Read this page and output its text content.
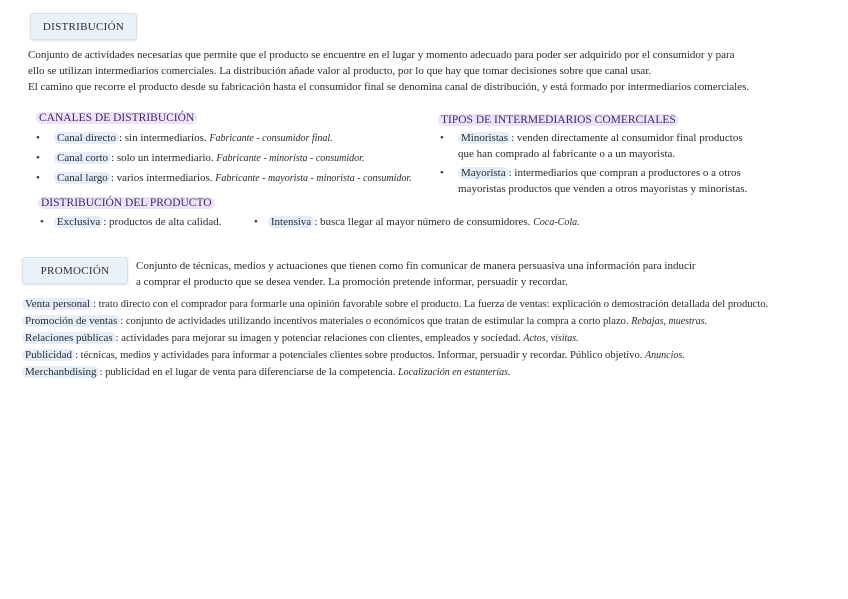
DISTRIBUCIÓN
Conjunto de actividades necesarias que permite que el producto se encuentre en el lugar y momento adecuado para poder ser adquirido por el consumidor y para
ello se utilizan intermediarios comerciales. La distribución añade valor al producto, por lo que hay que tomar decisiones sobre que canal usar.
El camino que recorre el producto desde su fabricación hasta el consumidor final se denomina canal de distribución, y está formado por intermediarios comerciales.
CANALES DE DISTRIBUCIÓN
• Canal directo : sin intermediarios. Fabricante - consumidor final.
• Canal corto : solo un intermediario. Fabricante - minorista - consumidor.
• Canal largo : varios intermediarios. Fabricante - mayorista - minorista - consumidor.
TIPOS DE INTERMEDIARIOS COMERCIALES
• Minoristas : venden directamente al consumidor final productos
que han comprado al fabricante o a un mayorista.
• Mayorista : intermediarios que compran a productores o a otros
mayoristas productos que venden a otros mayoristas y minoristas.
DISTRIBUCIÓN DEL PRODUCTO
• Exclusiva : productos de alta calidad.	• Intensiva : busca llegar al mayor número de consumidores. Coca-Cola.
PROMOCIÓN	Conjunto de técnicas, medios y actuaciones que tienen como fin comunicar de manera persuasiva una información para inducir
a comprar el producto que se desea vender. La promoción pretende informar, persuadir y recordar.
Venta personal : trato directo con el comprador para formarle una opinión favorable sobre el producto. La fuerza de ventas: explicación o demostración detallada del producto.
Promoción de ventas : conjunto de actividades utilizando incentivos materiales o económicos que tratan de estimular la compra a corto plazo. Rebajas, muestras.
Relaciones públicas : actividades para mejorar su imagen y potenciar relaciones con clientes, empleados y sociedad. Actos, visitas.
Publicidad : técnicas, medios y actividades para informar a potenciales clientes sobre productos. Informar, persuadir y recordar. Público objetivo. Anuncios.
Merchanbdising : publicidad en el lugar de venta para diferenciarse de la competencia. Localización en estanterías.
